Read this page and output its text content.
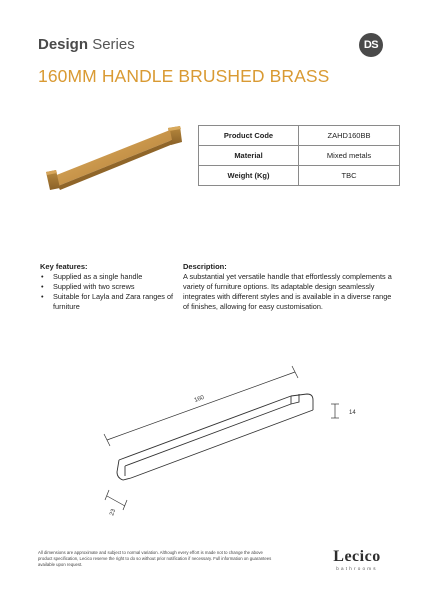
Design Series	DS
160MM HANDLE BRUSHED BRASS
Product Code	ZAHD160BB
Material	Mixed metals
Weight (Kg)	TBC
Key features:
• Supplied as a single handle
• Supplied with two screws
• Suitable for Layla and Zara ranges of furniture
Description:

A substantial yet versatile handle that effortlessly complements a variety of furniture options. Its adaptable design seamlessly integrates with different styles and is available in a diverse range of finishes, allowing for easy customisation.

160
14
23
All dimensions are approximate and subject to normal variation. Although every effort is made not to change the above product specification, Lecico reserve the right to do so without prior notification if necessary. Full information on guarantees available upon request.	Lecico
bathrooms
